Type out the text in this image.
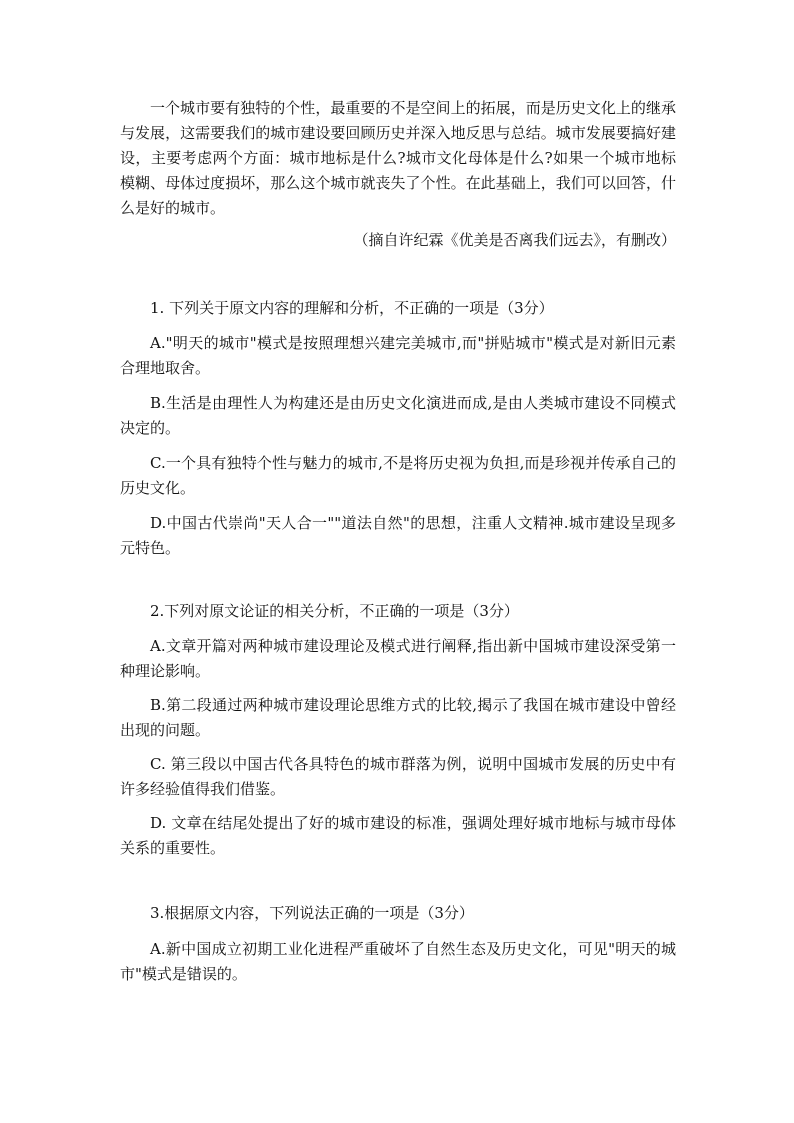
一个城市要有独特的个性，最重要的不是空间上的拓展，而是历史文化上的继承与发展，这需要我们的城市建设要回顾历史并深入地反思与总结。城市发展要搞好建设，主要考虑两个方面：城市地标是什么?城市文化母体是什么?如果一个城市地标模糊、母体过度损坏，那么这个城市就丧失了个性。在此基础上，我们可以回答，什么是好的城市。

（摘自许纪霖《优美是否离我们远去》，有删改）
1. 下列关于原文内容的理解和分析，不正确的一项是（3分）
A."明天的城市"模式是按照理想兴建完美城市,而"拼贴城市"模式是对新旧元素合理地取舍。
B.生活是由理性人为构建还是由历史文化演进而成,是由人类城市建设不同模式决定的。
C.一个具有独特个性与魅力的城市,不是将历史视为负担,而是珍视并传承自己的历史文化。
D.中国古代崇尚"天人合一""道法自然"的思想，注重人文精神.城市建设呈现多元特色。
2.下列对原文论证的相关分析，不正确的一项是（3分）
A.文章开篇对两种城市建设理论及模式进行阐释,指出新中国城市建设深受第一种理论影响。
B.第二段通过两种城市建设理论思维方式的比较,揭示了我国在城市建设中曾经出现的问题。
C. 第三段以中国古代各具特色的城市群落为例，说明中国城市发展的历史中有许多经验值得我们借鉴。
D. 文章在结尾处提出了好的城市建设的标准，强调处理好城市地标与城市母体关系的重要性。
3.根据原文内容，下列说法正确的一项是（3分）
A.新中国成立初期工业化进程严重破坏了自然生态及历史文化，可见"明天的城市"模式是错误的。
